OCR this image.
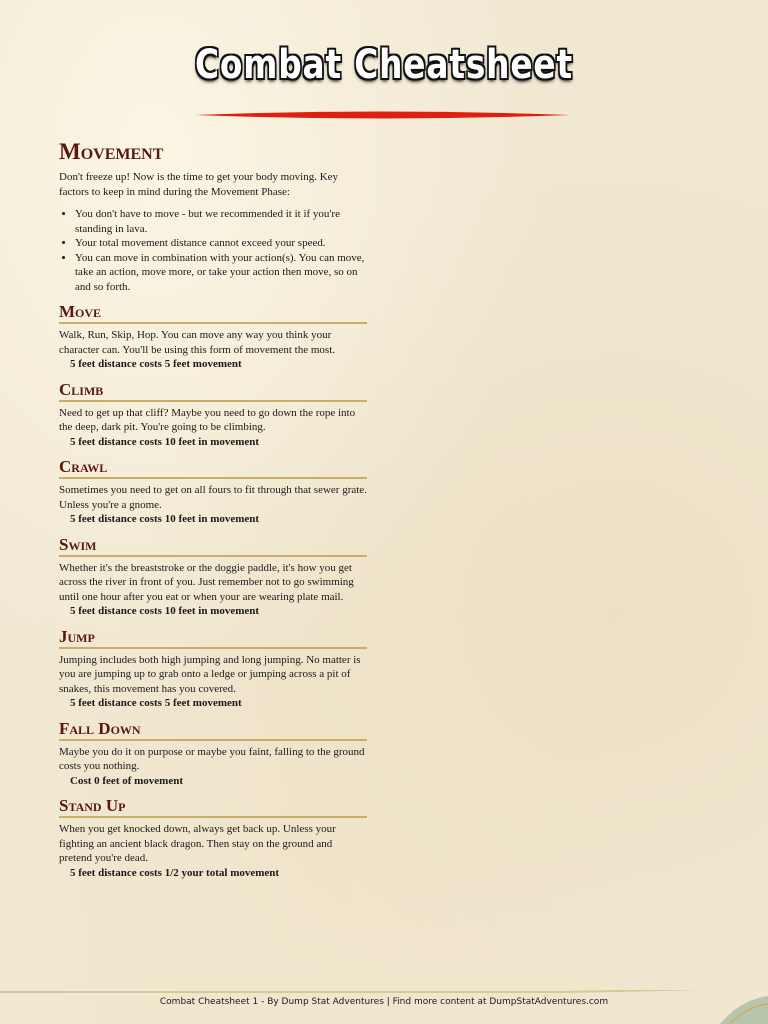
Combat Cheatsheet
Movement

Don't freeze up! Now is the time to get your body moving. Key factors to keep in mind during the Movement Phase:

• You don't have to move - but we recommended it it if you're standing in lava.
• Your total movement distance cannot exceed your speed.
• You can move in combination with your action(s). You can move, take an action, move more, or take your action then move, so on and so forth.
Move

Walk, Run, Skip, Hop. You can move any way you think your character can. You'll be using this form of movement the most.

5 feet distance costs 5 feet movement
Climb

Need to get up that cliff? Maybe you need to go down the rope into the deep, dark pit. You're going to be climbing.

5 feet distance costs 10 feet in movement
Crawl

Sometimes you need to get on all fours to fit through that sewer grate. Unless you're a gnome.

5 feet distance costs 10 feet in movement
Swim

Whether it's the breaststroke or the doggie paddle, it's how you get across the river in front of you. Just remember not to go swimming until one hour after you eat or when your are wearing plate mail.

5 feet distance costs 10 feet in movement
Jump

Jumping includes both high jumping and long jumping. No matter is you are jumping up to grab onto a ledge or jumping across a pit of snakes, this movement has you covered.

5 feet distance costs 5 feet movement
Fall Down

Maybe you do it on purpose or maybe you faint, falling to the ground costs you nothing.

Cost 0 feet of movement
Stand Up

When you get knocked down, always get back up. Unless your fighting an ancient black dragon. Then stay on the ground and pretend you're dead.

5 feet distance costs 1/2 your total movement
Combat Cheatsheet 1 - By Dump Stat Adventures | Find more content at DumpStatAdventures.com
